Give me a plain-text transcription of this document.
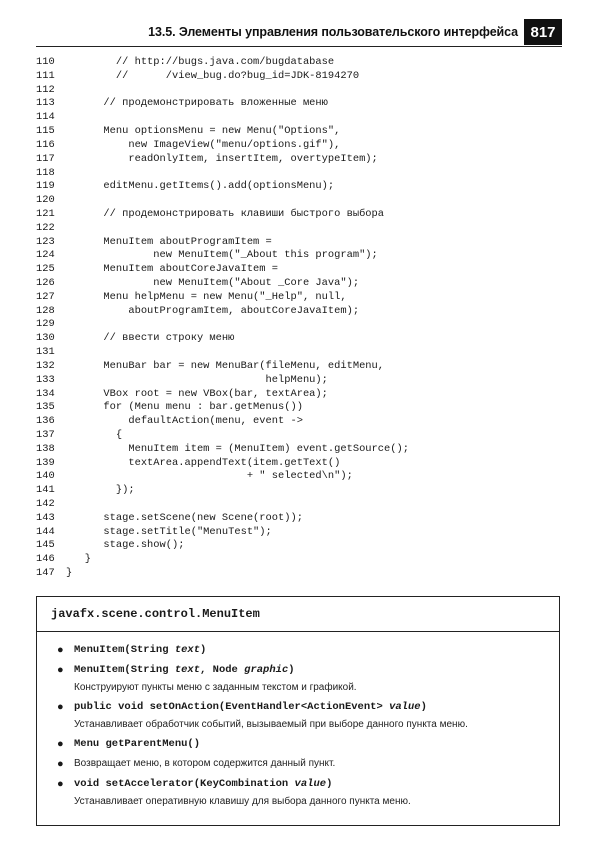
13.5. Элементы управления пользовательского интерфейса 817
110	// http://bugs.java.com/bugdatabase
111	//      /view_bug.do?bug_id=JDK-8194270
112
113	// продемонстрировать вложенные меню
114
115	Menu optionsMenu = new Menu("Options",
116	new ImageView("menu/options.gif"),
117	readOnlyItem, insertItem, overtypeItem);
118
119	editMenu.getItems().add(optionsMenu);
120
121	// продемонстрировать клавиши быстрого выбора
122
123	MenuItem aboutProgramItem =
124	new MenuItem("_About this program");
125	MenuItem aboutCoreJavaItem =
126	new MenuItem("About _Core Java");
127	Menu helpMenu = new Menu("_Help", null,
128	aboutProgramItem, aboutCoreJavaItem);
129
130	// ввести строку меню
131
132	MenuBar bar = new MenuBar(fileMenu, editMenu,
133	helpMenu);
134	VBox root = new VBox(bar, textArea);
135	for (Menu menu : bar.getMenus())
136	defaultAction(menu, event ->
137	{
138	MenuItem item = (MenuItem) event.getSource();
139	textArea.appendText(item.getText()
140	+ " selected\n");
141	});
142
143	stage.setScene(new Scene(root));
144	stage.setTitle("MenuTest");
145	stage.show();
146	}
147	}
javafx.scene.control.MenuItem
● MenuItem(String text)
● MenuItem(String text, Node graphic)
Конструируют пункты меню с заданным текстом и графикой.
● public void setOnAction(EventHandler<ActionEvent> value)
Устанавливает обработчик событий, вызываемый при выборе данного пункта меню.
● Menu getParentMenu()
●	Возвращает меню, в котором содержится данный пункт.
● void setAccelerator(KeyCombination value)
Устанавливает оперативную клавишу для выбора данного пункта меню.
